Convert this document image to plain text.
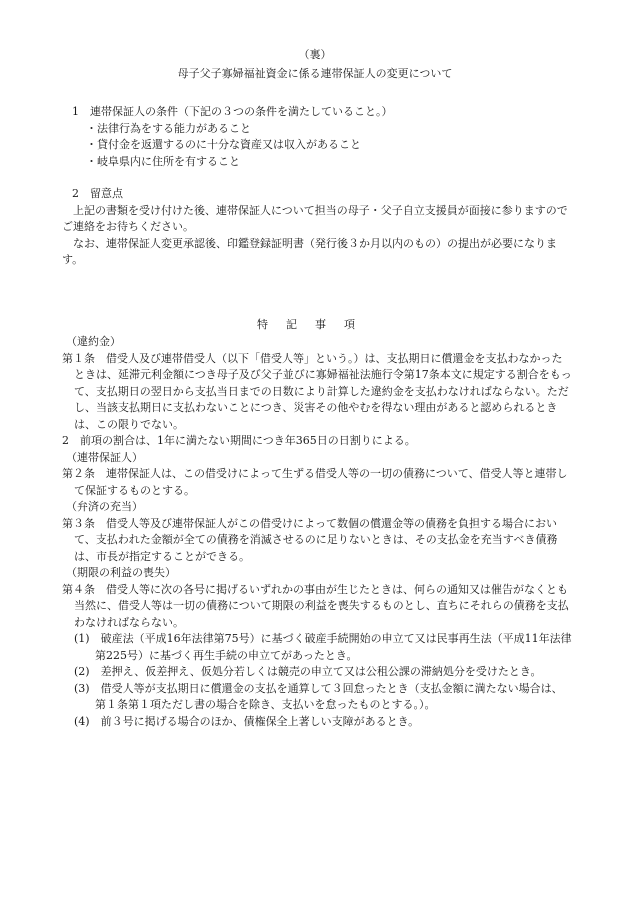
（裏）
母子父子寡婦福祉資金に係る連帯保証人の変更について

1　連帯保証人の条件（下記の３つの条件を満たしていること。）

・法律行為をする能力があること

・貸付金を返還するのに十分な資産又は収入があること

・岐阜県内に住所を有すること

2　留意点

上記の書類を受け付けた後、連帯保証人について担当の母子・父子自立支援員が面接に参りますのでご連絡をお待ちください。

なお、連帯保証人変更承認後、印鑑登録証明書（発行後３か月以内のもの）の提出が必要になります。

特記事項

（違約金）

第１条　借受人及び連帯借受人（以下「借受人等」という。）は、支払期日に償還金を支払わなかったときは、延滞元利金額につき母子及び父子並びに寡婦福祉法施行令第17条本文に規定する割合をもって、支払期日の翌日から支払当日までの日数により計算した違約金を支払わなければならない。ただし、当該支払期日に支払わないことにつき、災害その他やむを得ない理由があると認められるときは、この限りでない。

2　前項の割合は、1年に満たない期間につき年365日の日割りによる。

（連帯保証人）

第２条　連帯保証人は、この借受けによって生ずる借受人等の一切の債務について、借受人等と連帯して保証するものとする。

（弁済の充当）

第３条　借受人等及び連帯保証人がこの借受けによって数個の償還金等の債務を負担する場合において、支払われた金額が全ての債務を消滅させるのに足りないときは、その支払金を充当すべき債務は、市長が指定することができる。

（期限の利益の喪失）

第４条　借受人等に次の各号に掲げるいずれかの事由が生じたときは、何らの通知又は催告がなくとも当然に、借受人等は一切の債務について期限の利益を喪失するものとし、直ちにそれらの債務を支払わなければならない。

(1)　破産法（平成16年法律第75号）に基づく破産手続開始の申立て又は民事再生法（平成11年法律第225号）に基づく再生手続の申立てがあったとき。

(2)　差押え、仮差押え、仮処分若しくは競売の申立て又は公租公課の滞納処分を受けたとき。

(3)　借受人等が支払期日に償還金の支払を通算して３回怠ったとき（支払金額に満たない場合は、第１条第１項ただし書の場合を除き、支払いを怠ったものとする。）。

(4)　前３号に掲げる場合のほか、債権保全上著しい支障があるとき。
